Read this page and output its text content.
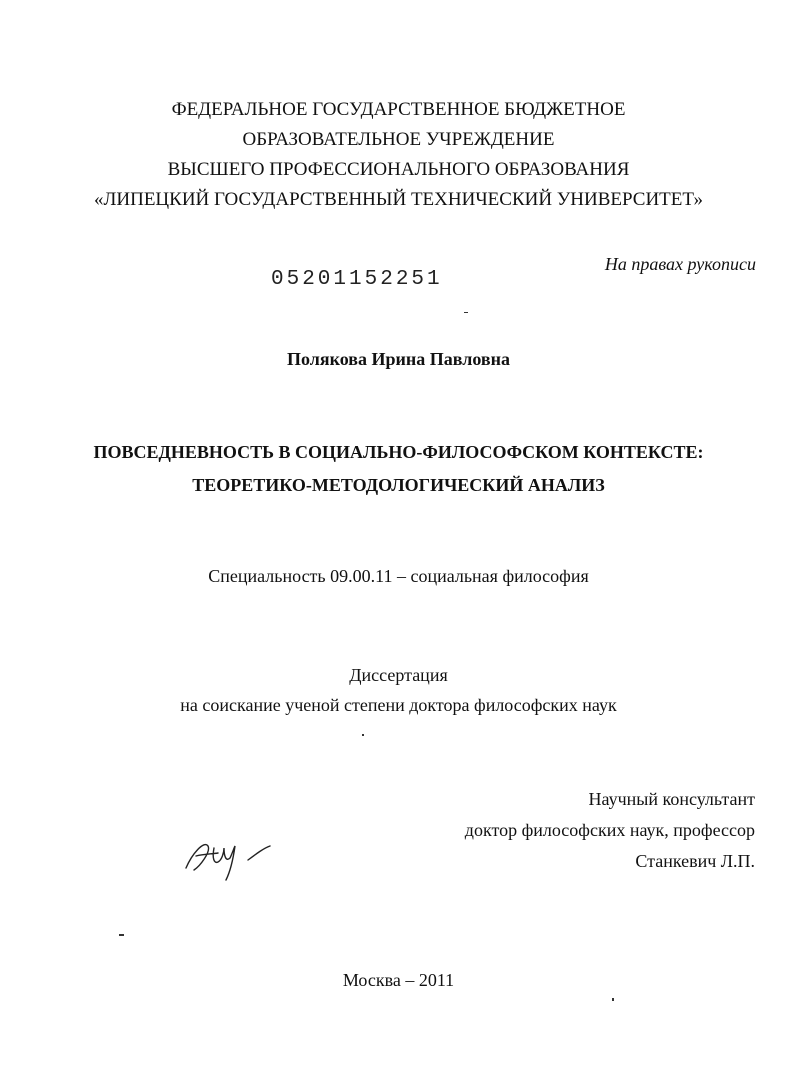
ФЕДЕРАЛЬНОЕ ГОСУДАРСТВЕННОЕ БЮДЖЕТНОЕ
ОБРАЗОВАТЕЛЬНОЕ УЧРЕЖДЕНИЕ
ВЫСШЕГО ПРОФЕССИОНАЛЬНОГО ОБРАЗОВАНИЯ
«ЛИПЕЦКИЙ ГОСУДАРСТВЕННЫЙ ТЕХНИЧЕСКИЙ УНИВЕРСИТЕТ»
05201152251
На правах рукописи
Полякова Ирина Павловна
ПОВСЕДНЕВНОСТЬ В СОЦИАЛЬНО-ФИЛОСОФСКОМ КОНТЕКСТЕ:
ТЕОРЕТИКО-МЕТОДОЛОГИЧЕСКИЙ АНАЛИЗ
Специальность 09.00.11 – социальная философия
Диссертация
на соискание ученой степени доктора философских наук
Научный консультант
доктор философских наук, профессор
Станкевич Л.П.
Москва – 2011
